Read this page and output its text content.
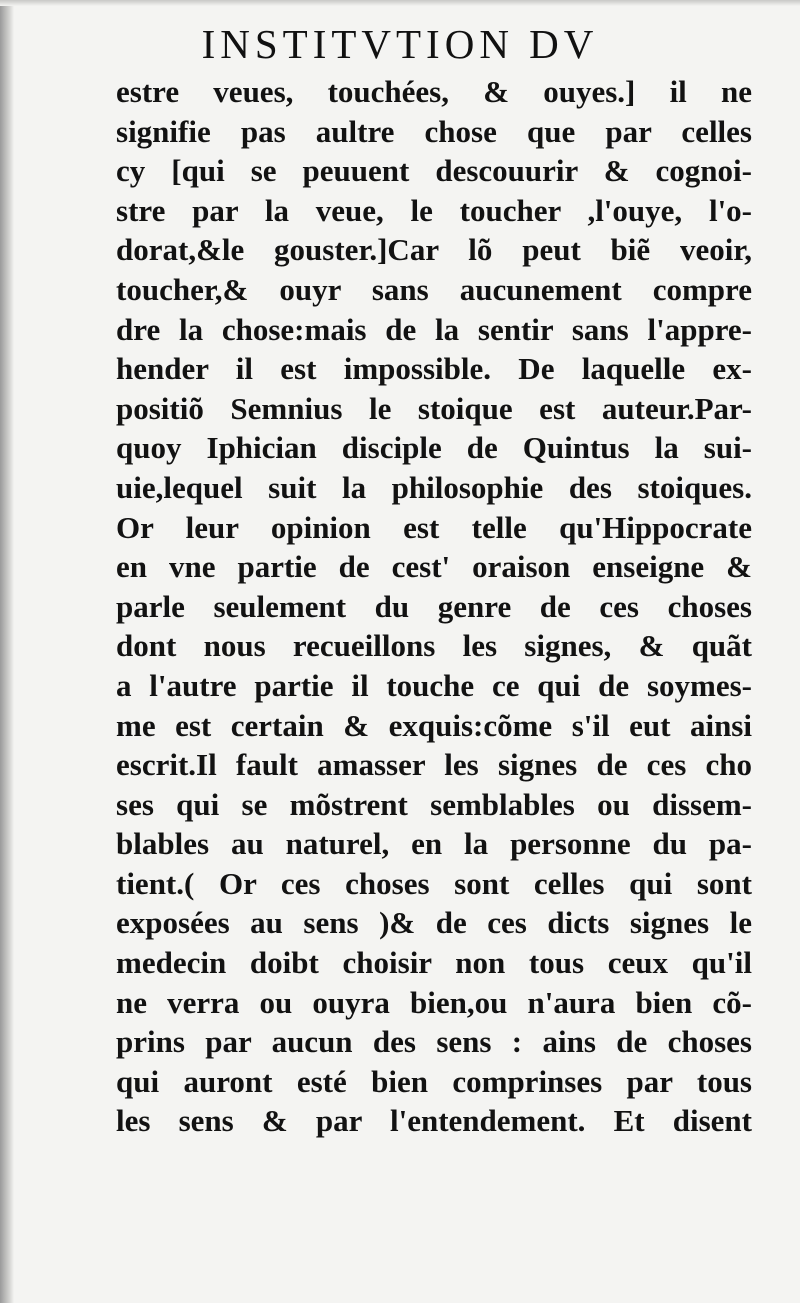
INSTITVTION DV
estre veues, touchées, & ouyes.] il ne
signifie pas aultre chose que par celles
cy [qui se peuuent descouurir & cognoi-
stre par la veue, le toucher ,l'ouye, l'o-
dorat,&le gouster.]Car lõ peut biẽ veoir,
toucher,& ouyr sans aucunement compre
dre la chose:mais de la sentir sans l'appre-
hender il est impossible. De laquelle ex-
positiõ Semnius le stoique est auteur.Par-
quoy Iphician disciple de Quintus la sui-
uie,lequel suit la philosophie des stoiques.
Or leur opinion est telle qu'Hippocrate
en vne partie de cest' oraison enseigne &
parle seulement du genre de ces choses
dont nous recueillons les signes, & quãt
a l'autre partie il touche ce qui de soymes-
me est certain & exquis:cõme s'il eut ainsi
escrit.Il fault amasser les signes de ces cho
ses qui se mõstrent semblables ou dissem-
blables au naturel, en la personne du pa-
tient.( Or ces choses sont celles qui sont
exposées au sens )& de ces dicts signes le
medecin doibt choisir non tous ceux qu'il
ne verra ou ouyra bien,ou n'aura bien cõ-
prins par aucun des sens : ains de choses
qui auront esté bien comprinses par tous
les sens & par l'entendement. Et disent
